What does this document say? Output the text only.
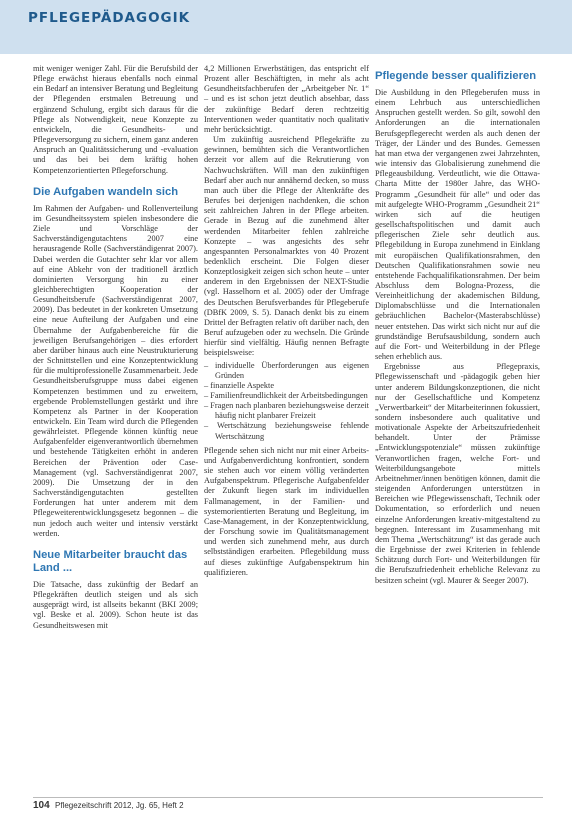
PFLEGEPÄDAGOGIK

mit weniger weniger Zahl. Für die Berufsbild der Pflege erwächst hieraus ebenfalls noch einmal ein Bedarf an intensiver Beratung und Begleitung der Pflegenden erstmalen Betreuung und ergänzend Schulung, ergibt sich daraus für die Pflege als Notwendigkeit, neue Konzepte zu entwickeln, die Gesundheits- und Pflegeversorgung zu sichern, einem ganz anderen Anspruch an Qualitätssicherung und -evaluation und das bei bei dem kräftig hohen Kompetenzorientierten Pflegeforschung.

Die Aufgaben wandeln sich

Im Rahmen der Aufgaben- und Rollenverteilung im Gesundheitssystem spielen insbesondere die Ziele und Vorschläge der Sachverständigengutachtens 2007 eine herausragende Rolle (Sachverständigenrat 2007). Dabei werden die Gutachter sehr klar vor allem auf eine Abkehr von der traditionell ärztlich dominierten Versorgung hin zu einer gleichberechtigten Kooperation der Gesundheitsberufe (Sachverständigenrat 2007, 2009). Das bedeutet in der konkreten Umsetzung eine neue Aufteilung der Aufgaben und eine Übernahme der Aufgabenbereiche für die jeweiligen Berufsangehörigen – dies erfordert aber darüber hinaus auch eine Neustrukturierung der Schnittstellen und eine Konzeptentwicklung für die multiprofessionelle Zusammenarbeit. Jede Gesundheitsberufsgruppe muss dabei eigenen Kompetenzen bestimmen und zu erweitern, ergebende Problemstellungen gestärkt und ihre Kompetenz als Partner in der Kooperation entwickeln. Ein Team wird durch die Pflegenden gewährleistet. Pflegende können künftig neue Aufgabenfelder eigenverantwortlich übernehmen und bestehende Tätigkeiten erhöht in anderen Bereichen der Prävention oder Case-Management (vgl. Sachverständigenrat 2007, 2009). Die Umsetzung der in den Sachverständigengutachten gestellten Forderungen hat unter anderem mit dem Pflegeweiterentwicklungsgesetz begonnen – die nun jedoch auch weiter und intensiv verstärkt werden.

Neue Mitarbeiter braucht das Land ...

Die Tatsache, dass zukünftig der Bedarf an Pflegekräften deutlich steigen und als sich ausgeprägt wird, ist allseits bekannt (BKI 2009; vgl. Beske et al. 2009). Schon heute ist das Gesundheitswesen mit

4,2 Millionen Erwerbstätigen, das entspricht elf Prozent aller Beschäftigten, in mehr als acht Gesundheitsfachberufen der „Arbeitgeber Nr. 1“ – und es ist schon jetzt deutlich absehbar, dass der zukünftige Bedarf deren rechtzeitig Interventionen weder quantitativ noch qualitativ mehr berücksichtigt.

Um zukünftig ausreichend Pflegekräfte zu gewinnen, bemühten sich die Verantwortlichen derzeit vor allem auf die Rekrutierung von Nachwuchskräften. Will man den zukünftigen Bedarf aber auch nur annähernd decken, so muss man auch über die Pflege der Altenkräfte des Berufes bei derjenigen nachdenken, die schon seit zahlreichen Jahren in der Pflege arbeiten. Gerade in Bezug auf die zunehmend älter werdenden Mitarbeiter fehlen zahlreiche Konzepte – was angesichts des sehr angespannten Personalmarktes von 40 Prozent bedenklich erscheint. Die Folgen dieser Konzeptlosigkeit zeigen sich schon heute – unter anderem in den Ergebnissen der NEXT-Studie (vgl. Hasselhorn et al. 2005) oder der Umfrage des Deutschen Berufsverbandes für Pflegeberufe (DBfK 2009, S. 5). Danach denkt bis zu einem Drittel der Befragten relativ oft darüber nach, den Beruf aufzugeben oder zu wechseln. Die Gründe hierfür sind vielfältig. Häufig nennen Befragte beispielsweise:

– individuelle Überforderungen aus eigenen Gründen
– finanzielle Aspekte
– Familienfreundlichkeit der Arbeitsbedingungen
– Fragen nach planbaren beziehungsweise derzeit häufig nicht planbarer Freizeit
– Wertschätzung beziehungsweise fehlende Wertschätzung

Pflegende sehen sich nicht nur mit einer Arbeits- und Aufgabenverdichtung konfrontiert, sondern sie stehen auch vor einem völlig veränderten Aufgabenspektrum. Pflegerische Aufgabenfelder der Zukunft liegen stark im individuellen Fallmanagement, in der Familien- und systemorientierten Beratung und Begleitung, im Case-Management, in der Konzeptentwicklung, der Forschung sowie im Qualitätsmanagement und werden sich zunehmend mehr, aus durch selbstständigen erarbeiten. Pflegebildung muss auf dieses zukünftige Aufgabenspektrum hin qualifizieren.

Pflegende besser qualifizieren

Die Ausbildung in den Pflegeberufen muss in einem Lehrbuch aus unterschiedlichen Anspruchen gestellt werden. So gilt, sowohl den Anforderungen an die internationalen Berufsgepflegerecht werden als auch denen der Träger, der Länder und des Bundes. Gemessen hat man etwa der vergangenen zwei Jahrzehnten, wie intensiv das Globalisierung zunehmend die Pflegeausbildung. Verdeutlicht, wie die Ottawa-Charta Mitte der 1980er Jahre, das WHO-Programm „Gesundheit für alle“ und oder das mit aufgelegte WHO-Programm „Gesundheit 21“ wirken sich auf die heutigen gesellschaftspolitischen und damit auch pflegerischen Ziele sehr deutlich aus. Pflegebildung in Europa zunehmend in Einklang mit europäischen Qualifikationsrahmen, den Deutschen Qualifikationsrahmen sowie neu entstehende Fachqualifikationsrahmen. Der beim Abschluss dem Bologna-Prozess, die Vereinheitlichung der akademischen Bildung, Diplomabschlüsse und die Internationalen gebräuchlichen Bachelor-(Masterabschlüsse) neuer entstehen. Das wirkt sich nicht nur auf die grundständige Berufsausbildung, sondern auch auf die Fort- und Weiterbildung in der Pflege sehen erheblich aus.

Ergebnisse aus Pflegepraxis, Pflegewissenschaft und -pädagogik geben hier unter anderem Bildungskonzeptionen, die nicht nur der Gesellschaftliche und Kompetenz „Verwertbarkeit“ der Mitarbeiterinnen fokussiert, sondern insbesondere auch qualitative und motivationale Aspekte der Arbeitszufriedenheit behandelt. Unter der Prämisse „Entwicklungspotenziale“ müssen zukünftige Veranwortlichen fragen, welche Fort- und Weiterbildungsangebote mittels Arbeitnehmer/innen benötigen können, damit die steigenden Anforderungen unterstützen in Bereichen wie Pflegewissenschaft, Technik oder Dokumentation, so erforderlich und neuen einzelne Anforderungen kreativ-mitgestaltend zu begegnen. Interessant im Zusammenhang mit dem Thema „Wertschätzung“ ist das gerade auch die Ergebnisse der zwei Kriterien in fehlende Schätzung durch Fort- und Weiterbildungen für die Berufszufriedenheit erhebliche Relevanz zu besitzen scheint (vgl. Maurer & Seeger 2007).

104 Pflegezeitschrift 2012, Jg. 65, Heft 2
